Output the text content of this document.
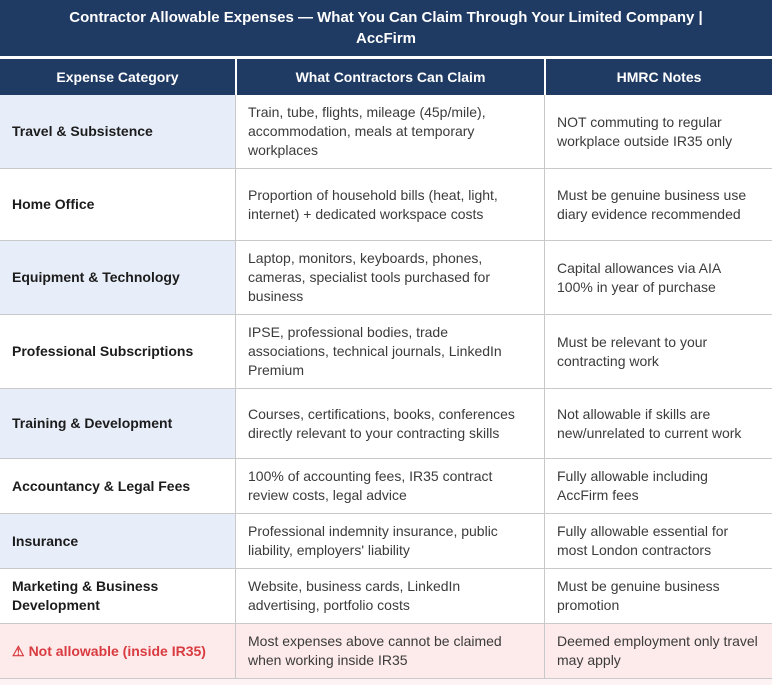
Contractor Allowable Expenses — What You Can Claim Through Your Limited Company | AccFirm
Expense Category	What Contractors Can Claim	HMRC Notes
Travel & Subsistence	Train, tube, flights, mileage (45p/mile), accommodation, meals at temporary workplaces	NOT commuting to regular workplace outside IR35 only
Home Office	Proportion of household bills (heat, light, internet) + dedicated workspace costs	Must be genuine business use diary evidence recommended
Equipment & Technology	Laptop, monitors, keyboards, phones, cameras, specialist tools purchased for business	Capital allowances via AIA 100% in year of purchase
Professional Subscriptions	IPSE, professional bodies, trade associations, technical journals, LinkedIn Premium	Must be relevant to your contracting work
Training & Development	Courses, certifications, books, conferences directly relevant to your contracting skills	Not allowable if skills are new/unrelated to current work
Accountancy & Legal Fees	100% of accounting fees, IR35 contract review costs, legal advice	Fully allowable including AccFirm fees
Insurance	Professional indemnity insurance, public liability, employers' liability	Fully allowable essential for most London contractors
Marketing & Business Development	Website, business cards, LinkedIn advertising, portfolio costs	Must be genuine business promotion
⚠ Not allowable (inside IR35)	Most expenses above cannot be claimed when working inside IR35	Deemed employment only travel may apply
